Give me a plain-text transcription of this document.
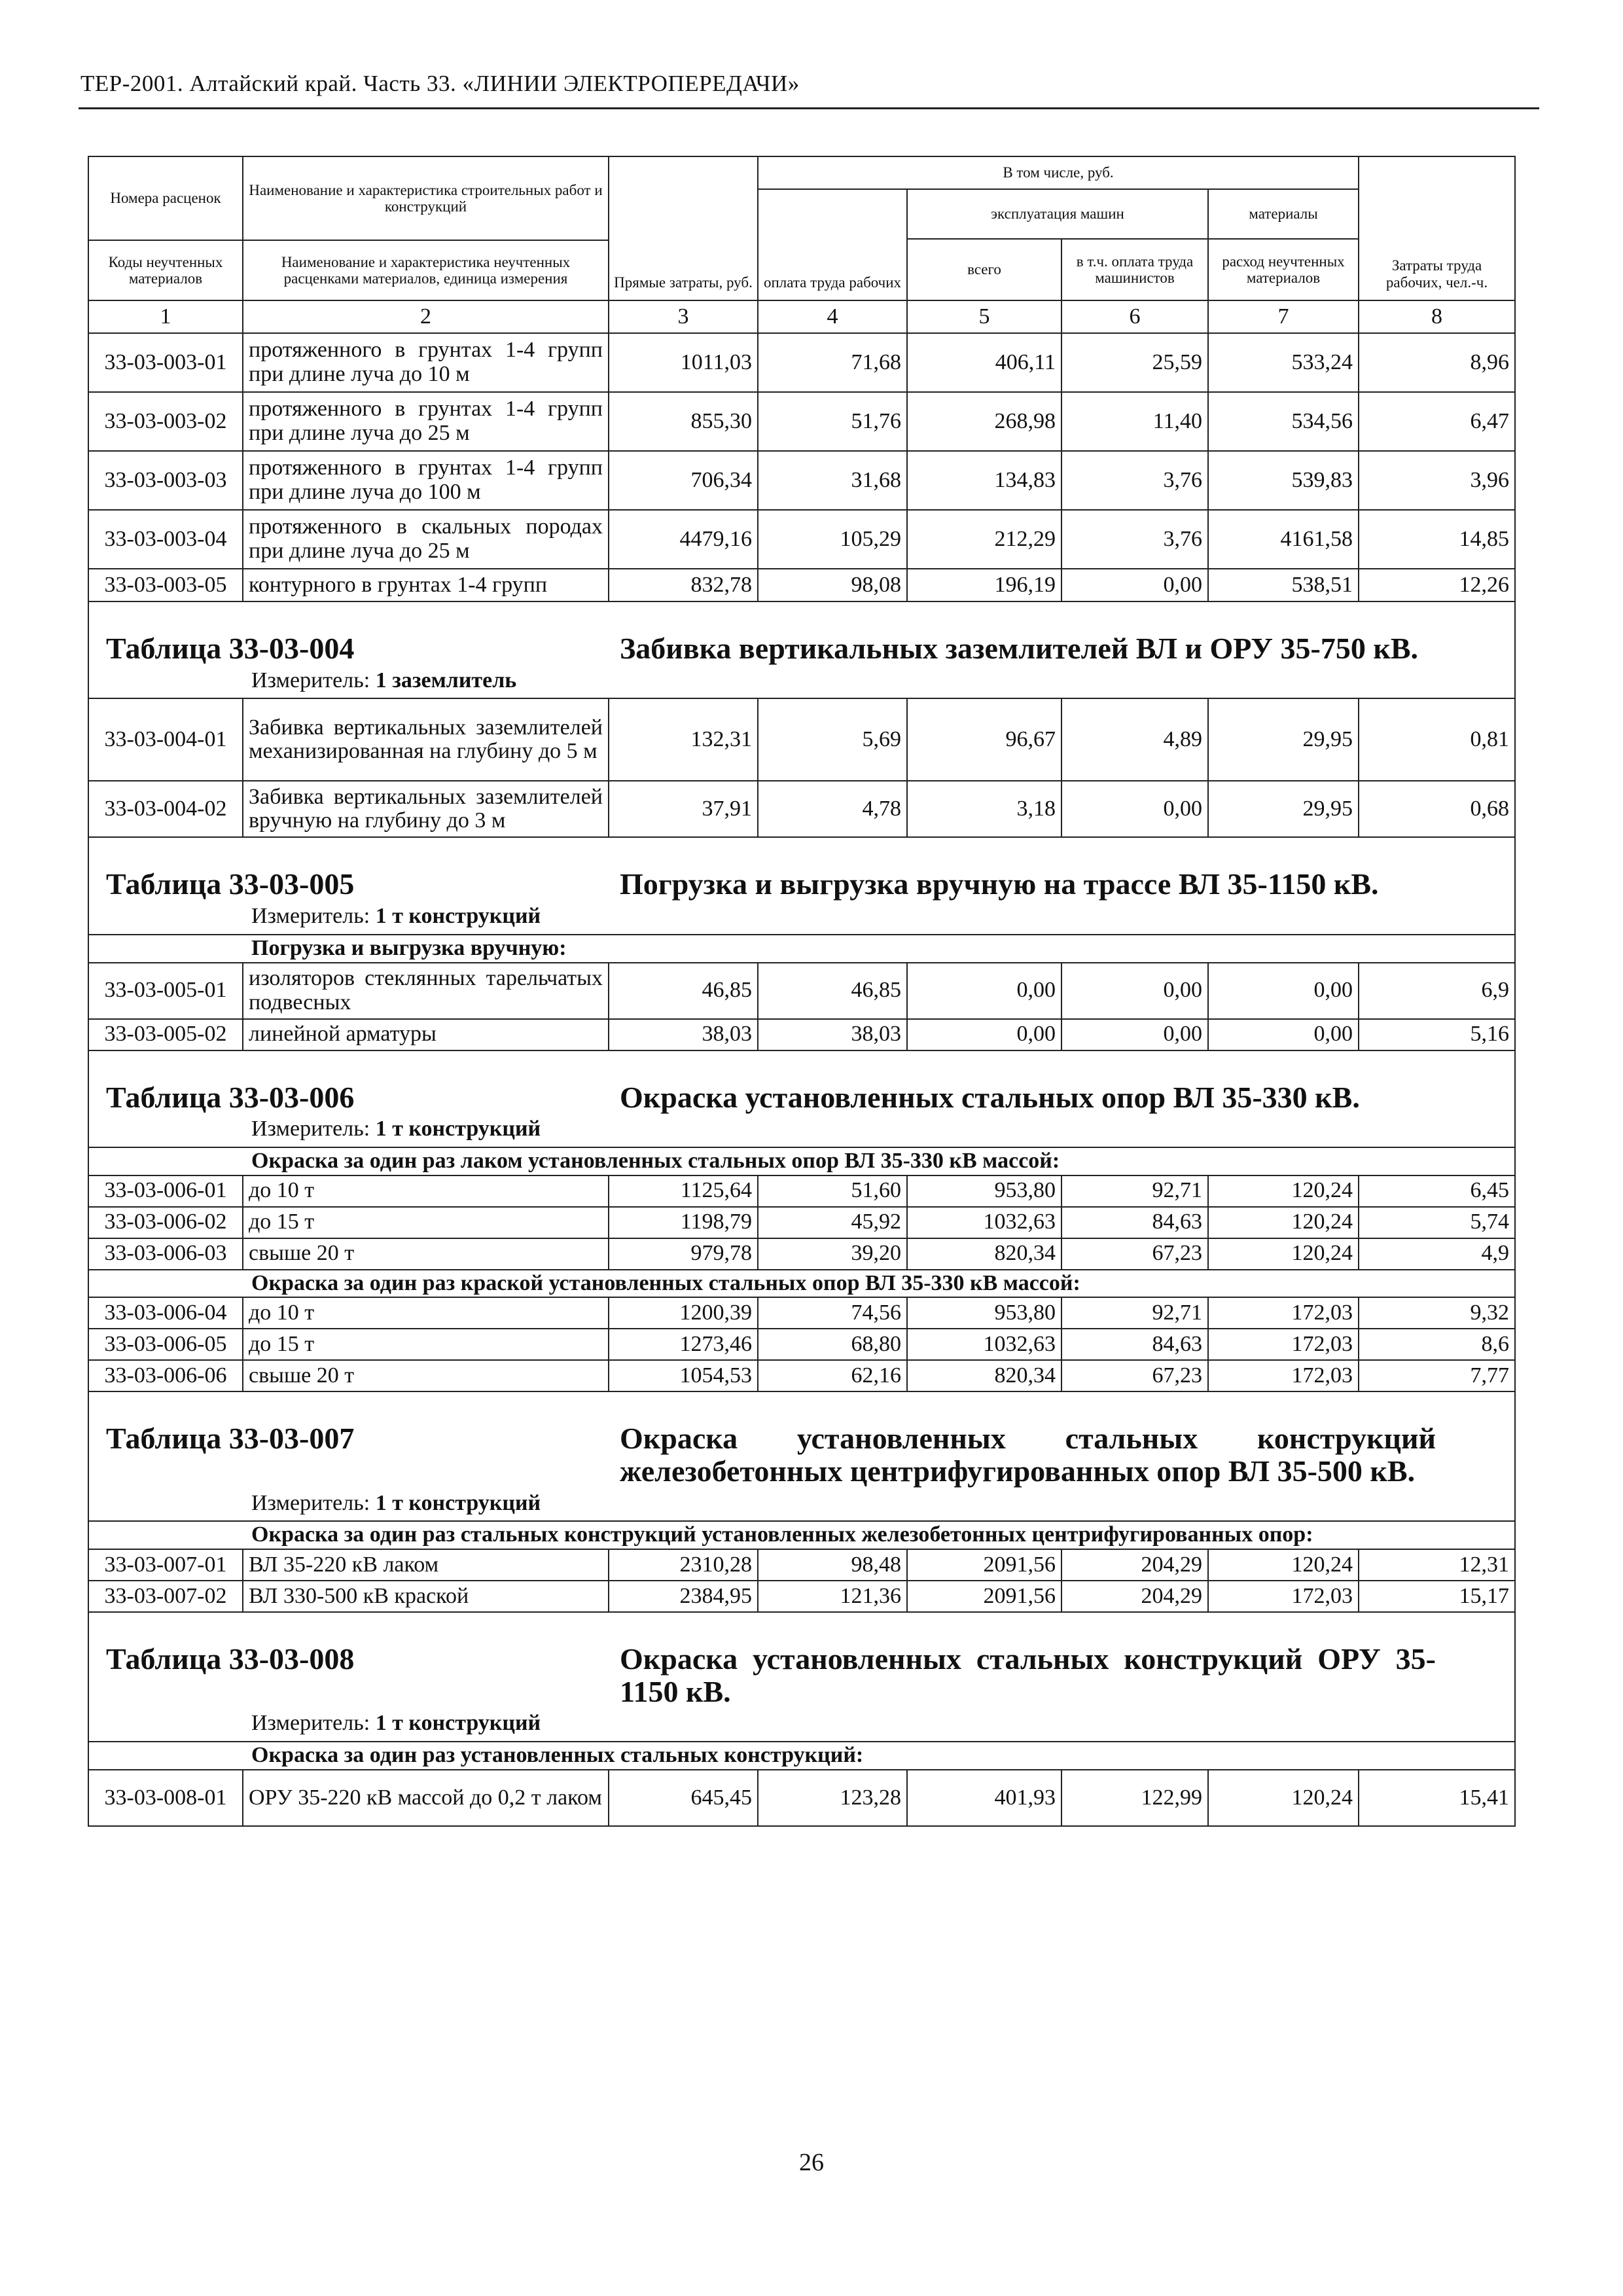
ТЕР-2001. Алтайский край. Часть 33. «ЛИНИИ ЭЛЕКТРОПЕРЕДАЧИ»
Номера расценок	Наименование и характеристика строительных работ и конструкций	Прямые затраты, руб.	В том числе, руб.				Затраты труда рабочих, чел.-ч.
			оплата труда рабочих	эксплуатация машин		материалы	
				всего	в т.ч. оплата труда машинистов	расход неучтенных материалов	
Коды неучтенных материалов	Наименование и характеристика неучтенных расценками материалов, единица измерения						
1	2	3	4	5	6	7	8
33-03-003-01	протяженного в грунтах 1-4 групп при длине луча до 10 м	1011,03	71,68	406,11	25,59	533,24	8,96
33-03-003-02	протяженного в грунтах 1-4 групп при длине луча до 25 м	855,30	51,76	268,98	11,40	534,56	6,47
33-03-003-03	протяженного в грунтах 1-4 групп при длине луча до 100 м	706,34	31,68	134,83	3,76	539,83	3,96
33-03-003-04	протяженного в скальных породах при длине луча до 25 м	4479,16	105,29	212,29	3,76	4161,58	14,85
33-03-003-05	контурного в грунтах 1-4 групп	832,78	98,08	196,19	0,00	538,51	12,26

Таблица 33-03-004 Забивка вертикальных заземлителей ВЛ и ОРУ 35-750 кВ.							

Измеритель: 1 заземлитель							

33-03-004-01	Забивка вертикальных заземлителей механизированная на глубину до 5 м	132,31	5,69	96,67	4,89	29,95	0,81
33-03-004-02	Забивка вертикальных заземлителей вручную на глубину до 3 м	37,91	4,78	3,18	0,00	29,95	0,68

Таблица 33-03-005 Погрузка и выгрузка вручную на трассе ВЛ 35-1150 кВ.							

Измеритель: 1 т конструкций							

Погрузка и выгрузка вручную:							
33-03-005-01	изоляторов стеклянных тарельчатых подвесных	46,85	46,85	0,00	0,00	0,00	6,9
33-03-005-02	линейной арматуры	38,03	38,03	0,00	0,00	0,00	5,16

Таблица 33-03-006 Окраска установленных стальных опор ВЛ 35-330 кВ.							

Измеритель: 1 т конструкций							

Окраска за один раз лаком установленных стальных опор ВЛ 35-330 кВ массой:							
33-03-006-01	до 10 т	1125,64	51,60	953,80	92,71	120,24	6,45
33-03-006-02	до 15 т	1198,79	45,92	1032,63	84,63	120,24	5,74
33-03-006-03	свыше 20 т	979,78	39,20	820,34	67,23	120,24	4,9
Окраска за один раз краской установленных стальных опор ВЛ 35-330 кВ массой:							
33-03-006-04	до 10 т	1200,39	74,56	953,80	92,71	172,03	9,32
33-03-006-05	до 15 т	1273,46	68,80	1032,63	84,63	172,03	8,6
33-03-006-06	свыше 20 т	1054,53	62,16	820,34	67,23	172,03	7,77

Таблица 33-03-007 Окраска установленных стальных конструкций железобетонных центрифугированных опор ВЛ 35-500 кВ.							

Измеритель: 1 т конструкций							

Окраска за один раз стальных конструкций установленных железобетонных центрифугированных опор:							
33-03-007-01	ВЛ 35-220 кВ лаком	2310,28	98,48	2091,56	204,29	120,24	12,31
33-03-007-02	ВЛ 330-500 кВ краской	2384,95	121,36	2091,56	204,29	172,03	15,17

Таблица 33-03-008 Окраска установленных стальных конструкций ОРУ 35-1150 кВ.							

Измеритель: 1 т конструкций							

Окраска за один раз установленных стальных конструкций:							
33-03-008-01	ОРУ 35-220 кВ массой до 0,2 т лаком	645,45	123,28	401,93	122,99	120,24	15,41
26
